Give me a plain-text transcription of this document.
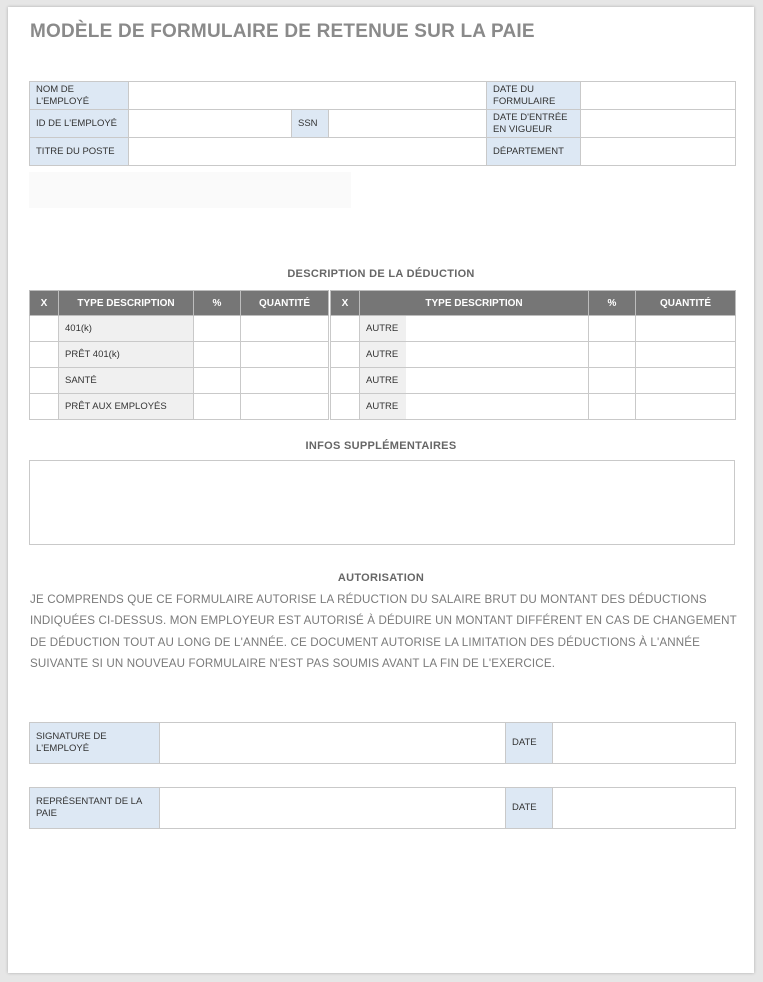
MODÈLE DE FORMULAIRE DE RETENUE SUR LA PAIE
NOM DE L'EMPLOYÉ				DATE DU FORMULAIRE	
ID DE L'EMPLOYÉ		SSN		DATE D'ENTRÉE EN VIGUEUR	
TITRE DU POSTE				DÉPARTEMENT	
DESCRIPTION DE LA DÉDUCTION
X	TYPE DESCRIPTION	%	QUANTITÉ
	401(k)		
	PRÊT 401(k)		
	SANTÉ		
	PRÊT AUX EMPLOYÉS		
X	TYPE DESCRIPTION	%	QUANTITÉ
	AUTRE		
	AUTRE		
	AUTRE		
	AUTRE		
INFOS SUPPLÉMENTAIRES
AUTORISATION
JE COMPRENDS QUE CE FORMULAIRE AUTORISE LA RÉDUCTION DU SALAIRE BRUT DU MONTANT DES DÉDUCTIONS INDIQUÉES CI-DESSUS. MON EMPLOYEUR EST AUTORISÉ À DÉDUIRE UN MONTANT DIFFÉRENT EN CAS DE CHANGEMENT DE DÉDUCTION TOUT AU LONG DE L'ANNÉE. CE DOCUMENT AUTORISE LA LIMITATION DES DÉDUCTIONS À L'ANNÉE SUIVANTE SI UN NOUVEAU FORMULAIRE N'EST PAS SOUMIS AVANT LA FIN DE L'EXERCICE.
SIGNATURE DE L'EMPLOYÉ		DATE	
REPRÉSENTANT DE LA PAIE		DATE	
